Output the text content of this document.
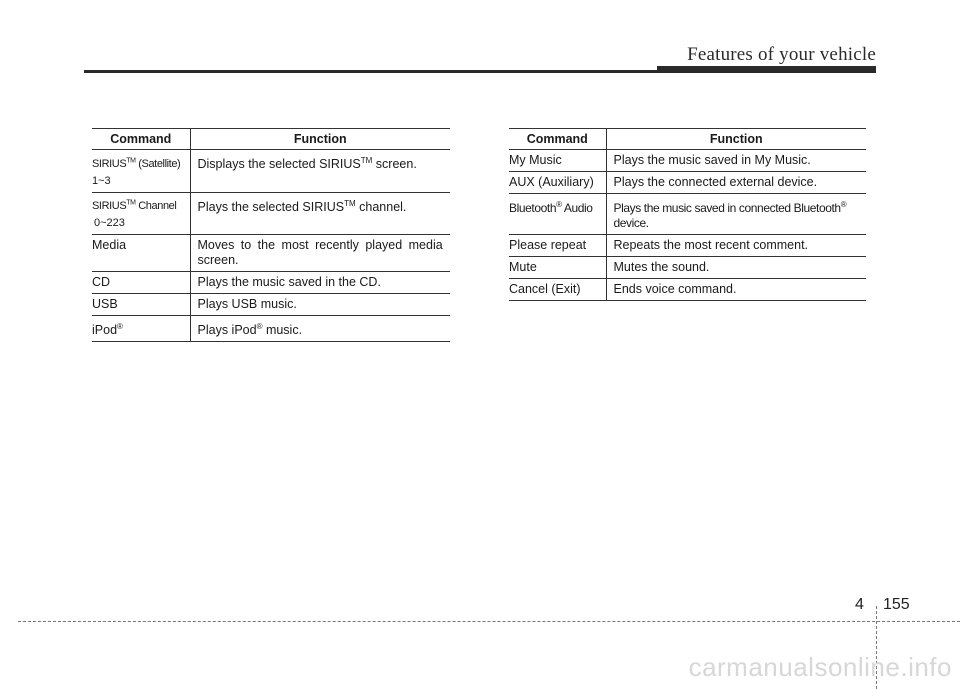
Features of your vehicle
Command	Function
SIRIUS™ (Satellite)
1~3	Displays the selected SIRIUS™ screen.
SIRIUS™ Channel
0~223	Plays the selected SIRIUS™ channel.
Media	Moves to the most recently played media
screen.

CD	Plays the music saved in the CD.
USB	Plays USB music.
iPod®	Plays iPod® music.
Command	Function
My Music	Plays the music saved in My Music.
AUX (Auxiliary)	Plays the connected external device.
Bluetooth® Audio	Plays the music saved in connected Bluetooth®
device.

Please repeat	Repeats the most recent comment.
Mute	Mutes the sound.
Cancel (Exit)	Ends voice command.
4 155
carmanualsonline.info
